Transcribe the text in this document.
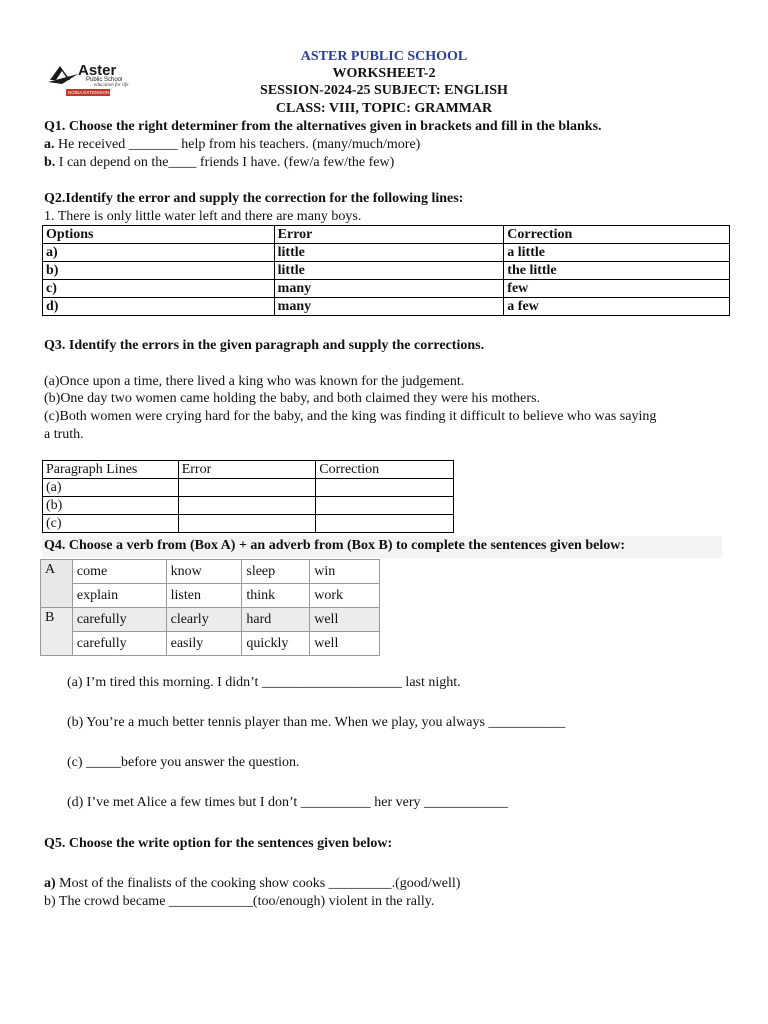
Aster
Public School
education for life
NOIDA EXTENSION
ASTER PUBLIC SCHOOL
WORKSHEET-2
SESSION-2024-25 SUBJECT: ENGLISH
CLASS: VIII, TOPIC: GRAMMAR
Q1. Choose the right determiner from the alternatives given in brackets and fill in the blanks.
a. He received _______ help from his teachers. (many/much/more)
b. I can depend on the____ friends I have. (few/a few/the few)
Q2.Identify the error and supply the correction for the following lines:
1. There is only little water left and there are many boys.
Options	Error	Correction
a)	little	a little
b)	little	the little
c)	many	few
d)	many	a few
Q3. Identify the errors in the given paragraph and supply the corrections.
(a)Once upon a time, there lived a king who was known for the judgement.
(b)One day two women came holding the baby, and both claimed they were his mothers.
(c)Both women were crying hard for the baby, and the king was finding it difficult to believe who was saying
a truth.
Paragraph Lines	Error	Correction
(a)		
(b)		
(c)		
Q4. Choose a verb from (Box A) + an adverb from (Box B) to complete the sentences given below:
A	come	know	sleep	win
	explain	listen	think	work
B	carefully	clearly	hard	well
	carefully	easily	quickly	well
(a) I’m tired this morning. I didn’t ____________________ last night.
(b) You’re a much better tennis player than me. When we play, you always ___________
(c) _____before you answer the question.
(d) I’ve met Alice a few times but I don’t __________ her very ____________
Q5. Choose the write option for the sentences given below:
a) Most of the finalists of the cooking show cooks _________.(good/well)
b) The crowd became ____________(too/enough) violent in the rally.
